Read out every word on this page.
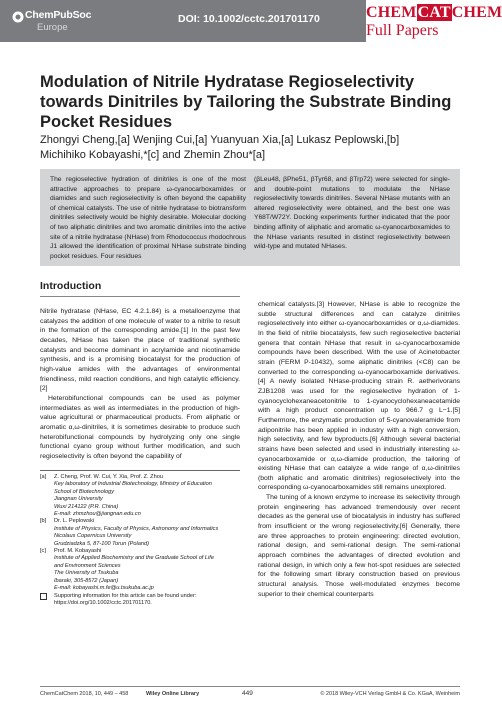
ChemPubSoc
Europe
DOI: 10.1002/cctc.201701170	CHEMCATCHEM
Full Papers
Modulation of Nitrile Hydratase Regioselectivity towards Dinitriles by Tailoring the Substrate Binding Pocket Residues
Zhongyi Cheng,[a] Wenjing Cui,[a] Yuanyuan Xia,[a] Lukasz Peplowski,[b]
Michihiko Kobayashi,*[c] and Zhemin Zhou*[a]
The regioselective hydration of dinitriles is one of the most attractive approaches to prepare ω-cyanocarboxamides or diamides and such regioselectivity is often beyond the capability of chemical catalysts. The use of nitrile hydratase to biotransform dinitriles selectively would be highly desirable. Molecular docking of two aliphatic dinitriles and two aromatic dinitriles into the active site of a nitrile hydratase (NHase) from Rhodococcus rhodochrous J1 allowed the identification of proximal NHase substrate binding pocket residues. Four residues
(βLeu48, βPhe51, βTyr68, and βTrp72) were selected for single- and double-point mutations to modulate the NHase regioselectivity towards dinitriles. Several NHase mutants with an altered regioselectivity were obtained, and the best one was Y68T/W72Y. Docking experiments further indicated that the poor binding affinity of aliphatic and aromatic ω-cyanocarboxamides to the NHase variants resulted in distinct regioselectivity between wild-type and mutated NHases.
Introduction

Nitrile hydratase (NHase, EC 4.2.1.84) is a metalloenzyme that catalyzes the addition of one molecule of water to a nitrile to result in the formation of the corresponding amide.[1] In the past few decades, NHase has taken the place of traditional synthetic catalysts and become dominant in acrylamide and nicotinamide synthesis, and is a promising biocatalyst for the production of high-value amides with the advantages of environmental friendliness, mild reaction conditions, and high catalytic efficiency.[2]

Heterobifunctional compounds can be used as polymer intermediates as well as intermediates in the production of high-value agricultural or pharmaceutical products. From aliphatic or aromatic α,ω-dinitriles, it is sometimes desirable to produce such heterobifunctional compounds by hydrolyzing only one single functional cyano group without further modification, and such regioselectivity is often beyond the capability of

chemical catalysts.[3] However, NHase is able to recognize the subtle structural differences and can catalyze dinitriles regioselectively into either ω-cyanocarboxamides or α,ω-diamides. In the field of nitrile biocatalysts, few such regioselective bacterial genera that contain NHase that result in ω-cyanocarboxamide compounds have been described. With the use of Acinetobacter strain (FERM P-10432), some aliphatic dinitriles (<C8) can be converted to the corresponding ω-cyanocarboxamide derivatives.[4] A newly isolated NHase-producing strain R. aetherivorans ZJB1208 was used for the regioselective hydration of 1-cyanocyclohexaneacetonitrile to 1-cyanocyclohexaneacetamide with a high product concentration up to 966.7 g L−1.[5] Furthermore, the enzymatic production of 5-cyanovaleramide from adiponitrile has been applied in industry with a high conversion, high selectivity, and few byproducts.[6] Although several bacterial strains have been selected and used in industrially interesting ω-cyanocarboxamide or α,ω-diamide production, the tailoring of existing NHase that can catalyze a wide range of α,ω-dinitriles (both aliphatic and aromatic dinitriles) regioselectively into the corresponding ω-cyanocarboxamides still remains unexplored.

The tuning of a known enzyme to increase its selectivity through protein engineering has advanced tremendously over recent decades as the general use of biocatalysis in industry has suffered from insufficient or the wrong regioselectivity.[6] Generally, there are three approaches to protein engineering: directed evolution, rational design, and semi-rational design. The semi-rational approach combines the advantages of directed evolution and rational design, in which only a few hot-spot residues are selected for the following smart library construction based on previous structural analysis. Those well-modulated enzymes become superior to their chemical counterparts

[a]	Z. Cheng, Prof. W. Cui, Y. Xia, Prof. Z. Zhou
Key laboratory of Industrial Biotechnology, Ministry of Education
School of Biotechnology
Jiangnan University
Wuxi 214122 (P.R. China)
E-mail: zhmzhou@jiangnan.edu.cn
[b]	Dr. L. Peplowski
Institute of Physics, Faculty of Physics, Astronomy and Informatics
Nicolaus Copernicus University
Grudziadzka 5, 87-100 Torun (Poland)
[c]	Prof. M. Kobayashi
Institute of Applied Biochemistry and the Graduate School of Life
and Environment Sciences
The University of Tsukuba
Ibaraki, 305-8572 (Japan)
E-mail: kobayashi.m.fe@u.tsukuba.ac.jp
Supporting information for this article can be found under: https://doi.org/10.1002/cctc.201701170.
ChemCatChem 2018, 10, 449 – 458	Wiley Online Library	449	© 2018 Wiley-VCH Verlag GmbH & Co. KGaA, Weinheim
